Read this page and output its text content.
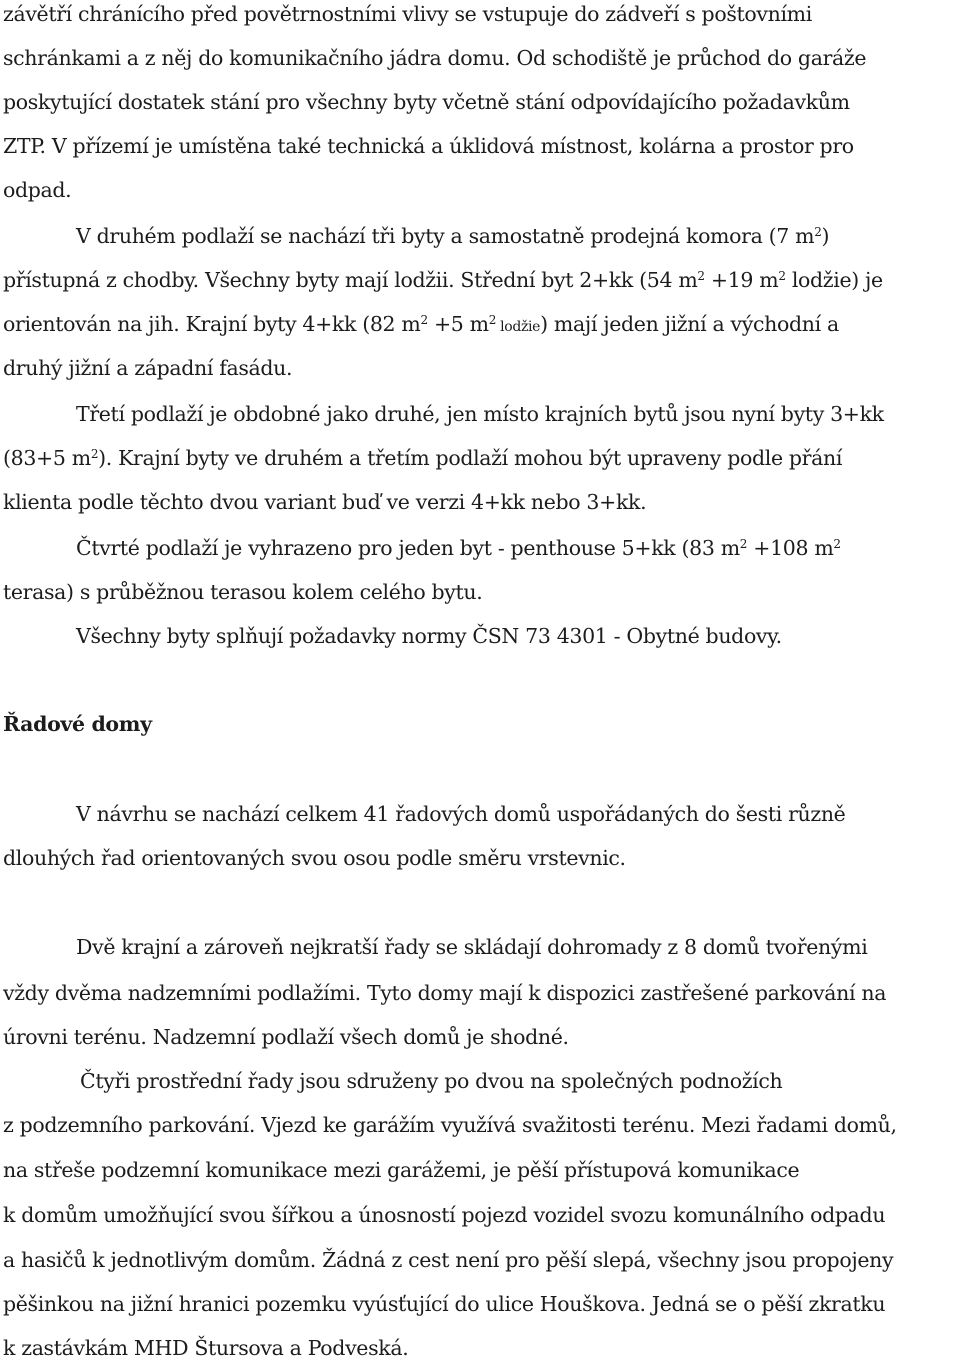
závětří chránícího před povětrnostními vlivy se vstupuje do zádveří s poštovními
schránkami a z něj do komunikačního jádra domu. Od schodiště je průchod do garáže
poskytující dostatek stání pro všechny byty včetně stání odpovídajícího požadavkům
ZTP. V přízemí je umístěna také technická a úklidová místnost, kolárna a prostor pro
odpad.
V druhém podlaží se nachází tři byty a samostatně prodejná komora (7 $m^2$)
přístupná z chodby. Všechny byty mají lodžii. Střední byt 2+kk (54 $m^2 +19$ $m^2$ lodžie) je
orientován na jih. Krajní byty 4+kk (82 $m^2 +5$ $m^2$ lodžie) mají jeden jižní a východní a
druhý jižní a západní fasádu.
Třetí podlaží je obdobné jako druhé, jen místo krajních bytů jsou nyní byty 3+kk
(83+5 $m^2$). Krajní byty ve druhém a třetím podlaží mohou být upraveny podle přání
klienta podle těchto dvou variant buď ve verzi 4+kk nebo 3+kk.
Čtvrté podlaží je vyhrazeno pro jeden byt - penthouse 5+kk (83 $m^2 +108$ $m^2$
terasa) s průběžnou terasou kolem celého bytu.
Všechny byty splňují požadavky normy ČSN 73 4301 - Obytné budovy.
Řadové domy
V návrhu se nachází celkem 41 řadových domů uspořádaných do šesti různě
dlouhých řad orientovaných svou osou podle směru vrstevnic.
Dvě krajní a zároveň nejkratší řady se skládají dohromady z 8 domů tvořenými
vždy dvěma nadzemními podlažími. Tyto domy mají k dispozici zastřešené parkování na
úrovni terénu. Nadzemní podlaží všech domů je shodné.
Čtyři prostřední řady jsou sdruženy po dvou na společných podnožích
z podzemního parkování. Vjezd ke garážím využívá svažitosti terénu. Mezi řadami domů,
na střeše podzemní komunikace mezi garážemi, je pěší přístupová komunikace
k domům umožňující svou šířkou a únosností pojezd vozidel svozu komunálního odpadu
a hasičů k jednotlivým domům. Žádná z cest není pro pěší slepá, všechny jsou propojeny
pěšinkou na jižní hranici pozemku vyúsťující do ulice Houškova. Jedná se o pěší zkratku
k zastávkám MHD Štursova a Podveská.
